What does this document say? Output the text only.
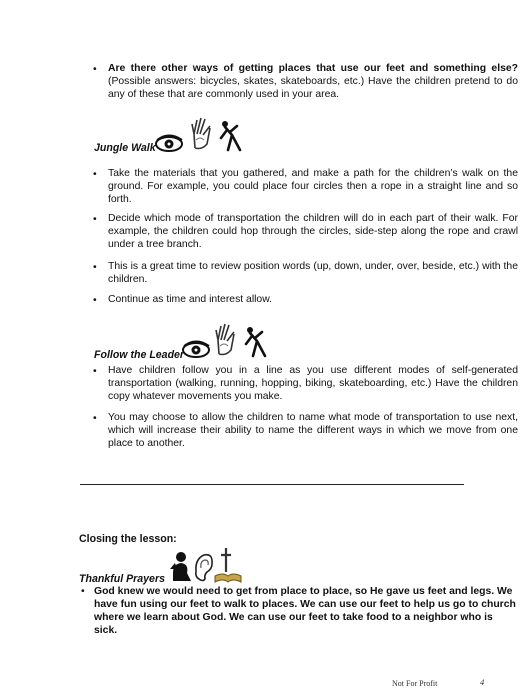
•	Are there other ways of getting places that use our feet and something else? (Possible answers: bicycles, skates, skateboards, etc.) Have the children pretend to do any of these that are commonly used in your area.
Jungle Walk
•	Take the materials that you gathered, and make a path for the children’s walk on the ground. For example, you could place four circles then a rope in a straight line and so forth.
•	Decide which mode of transportation the children will do in each part of their walk. For example, the children could hop through the circles, side-step along the rope and crawl under a tree branch.
•	This is a great time to review position words (up, down, under, over, beside, etc.) with the children.
•	Continue as time and interest allow.
Follow the Leader
•	Have children follow you in a line as you use different modes of self-generated transportation (walking, running, hopping, biking, skateboarding, etc.) Have the children copy whatever movements you make.
•	You may choose to allow the children to name what mode of transportation to use next, which will increase their ability to name the different ways in which we move from one place to another.
Closing the lesson:
Thankful Prayers
• God knew we would need to get from place to place, so He gave us feet and legs. We have fun using our feet to walk to places. We can use our feet to help us go to church where we learn about God. We can use our feet to take food to a neighbor who is sick.
Not For Profit	4
